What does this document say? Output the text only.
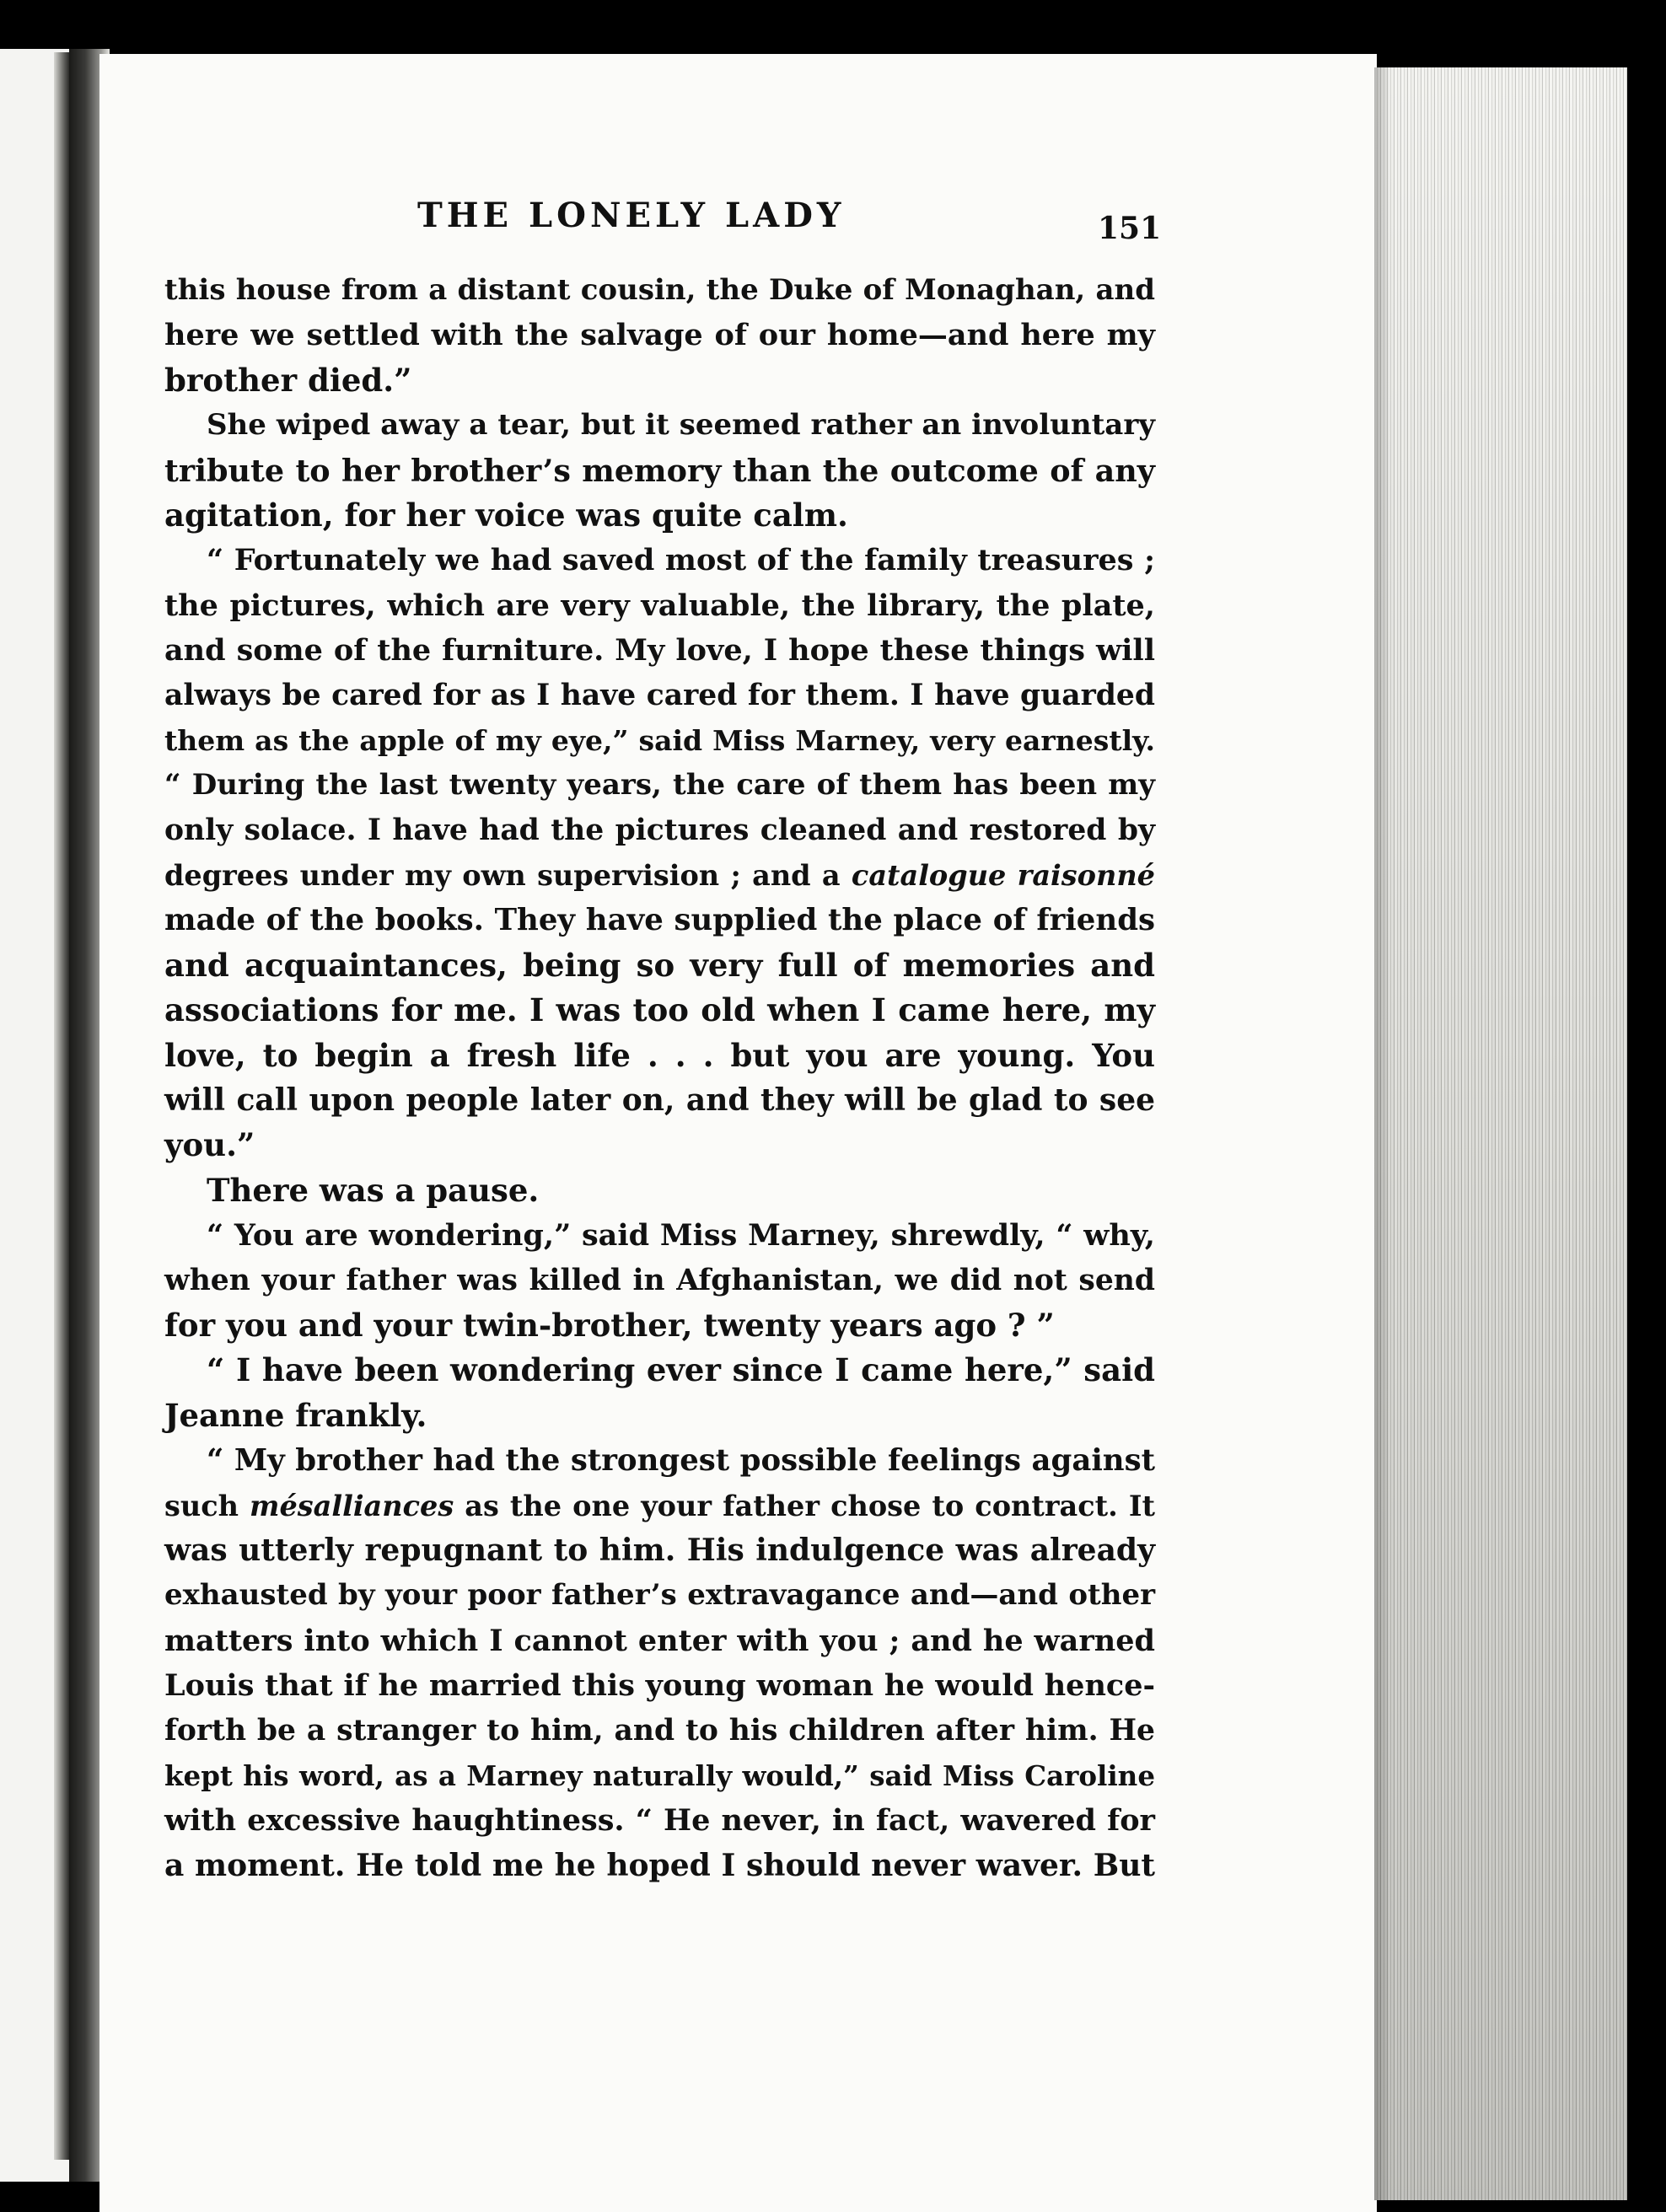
THE LONELY LADY	151
this house from a distant cousin, the Duke of Monaghan, and
here we settled with the salvage of our home—and here my
brother died.”
She wiped away a tear, but it seemed rather an involuntary
tribute to her brother’s memory than the outcome of any
agitation, for her voice was quite calm.
“ Fortunately we had saved most of the family treasures ;
the pictures, which are very valuable, the library, the plate,
and some of the furniture. My love, I hope these things will
always be cared for as I have cared for them. I have guarded
them as the apple of my eye,” said Miss Marney, very earnestly.
“ During the last twenty years, the care of them has been my
only solace. I have had the pictures cleaned and restored by
degrees under my own supervision ; and a catalogue raisonné
made of the books. They have supplied the place of friends
and acquaintances, being so very full of memories and
associations for me. I was too old when I came here, my
love, to begin a fresh life . . . but you are young. You
will call upon people later on, and they will be glad to see
you.”
There was a pause.
“ You are wondering,” said Miss Marney, shrewdly, “ why,
when your father was killed in Afghanistan, we did not send
for you and your twin-brother, twenty years ago ? ”
“ I have been wondering ever since I came here,” said
Jeanne frankly.
“ My brother had the strongest possible feelings against
such mésalliances as the one your father chose to contract. It
was utterly repugnant to him. His indulgence was already
exhausted by your poor father’s extravagance and—and other
matters into which I cannot enter with you ; and he warned
Louis that if he married this young woman he would hence-
forth be a stranger to him, and to his children after him. He
kept his word, as a Marney naturally would,” said Miss Caroline
with excessive haughtiness. “ He never, in fact, wavered for
a moment. He told me he hoped I should never waver. But
